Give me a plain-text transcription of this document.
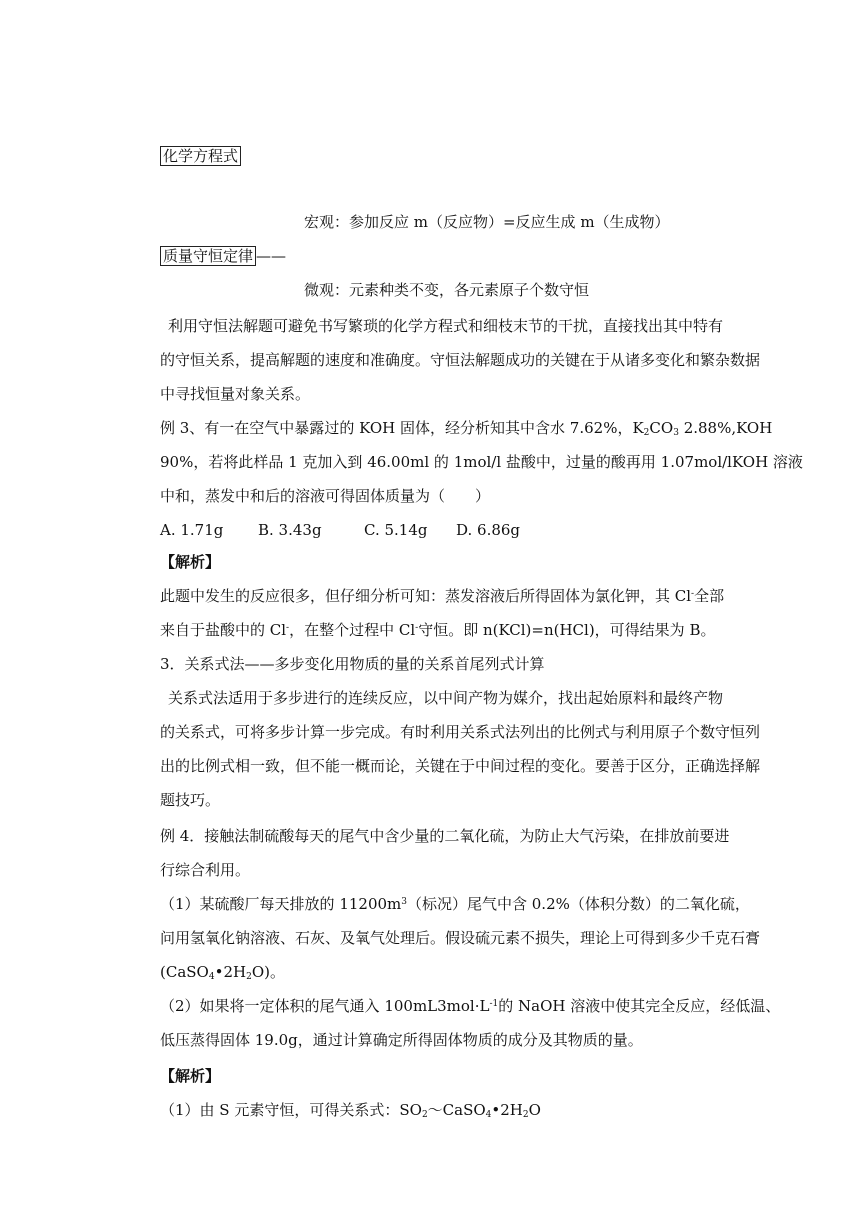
化学方程式
宏观：参加反应 m（反应物）=反应生成 m（生成物）
质量守恒定律 ——
微观：元素种类不变，各元素原子个数守恒
利用守恒法解题可避免书写繁琐的化学方程式和细枝末节的干扰，直接找出其中特有
的守恒关系，提高解题的速度和准确度。守恒法解题成功的关键在于从诸多变化和繁杂数据
中寻找恒量对象关系。
例 3、有一在空气中暴露过的 KOH 固体，经分析知其中含水 7.62%，$K_2CO_3$ 2.88%,KOH
90%，若将此样品 1 克加入到 46.00ml 的 1mol/l 盐酸中，过量的酸再用 1.07mol/lKOH 溶液
中和，蒸发中和后的溶液可得固体质量为（　　）
A. 1.71g B. 3.43g	C. 5.14g D. 6.86g
【解析】
此题中发生的反应很多，但仔细分析可知：蒸发溶液后所得固体为氯化钾，其 Cl-全部
来自于盐酸中的 Cl-，在整个过程中 Cl-守恒。即 n(KCl)=n(HCl)，可得结果为 B。
3．关系式法——多步变化用物质的量的关系首尾列式计算
关系式法适用于多步进行的连续反应，以中间产物为媒介，找出起始原料和最终产物
的关系式，可将多步计算一步完成。有时利用关系式法列出的比例式与利用原子个数守恒列
出的比例式相一致，但不能一概而论，关键在于中间过程的变化。要善于区分，正确选择解
题技巧。
例 4．接触法制硫酸每天的尾气中含少量的二氧化硫，为防止大气污染，在排放前要进
行综合利用。
（1）某硫酸厂每天排放的 $11200m^3$（标况）尾气中含 0.2%（体积分数）的二氧化硫，
问用氢氧化钠溶液、石灰、及氧气处理后。假设硫元素不损失，理论上可得到多少千克石膏
$(CaSO_4•2H_2O)$。
（2）如果将一定体积的尾气通入 $100mL3mol\cdot L^{-1}$的 NaOH 溶液中使其完全反应，经低温、
低压蒸得固体 19.0g，通过计算确定所得固体物质的成分及其物质的量。
【解析】
（1）由 S 元素守恒，可得关系式：$SO_2\sim CaSO_4•2H_2O$
